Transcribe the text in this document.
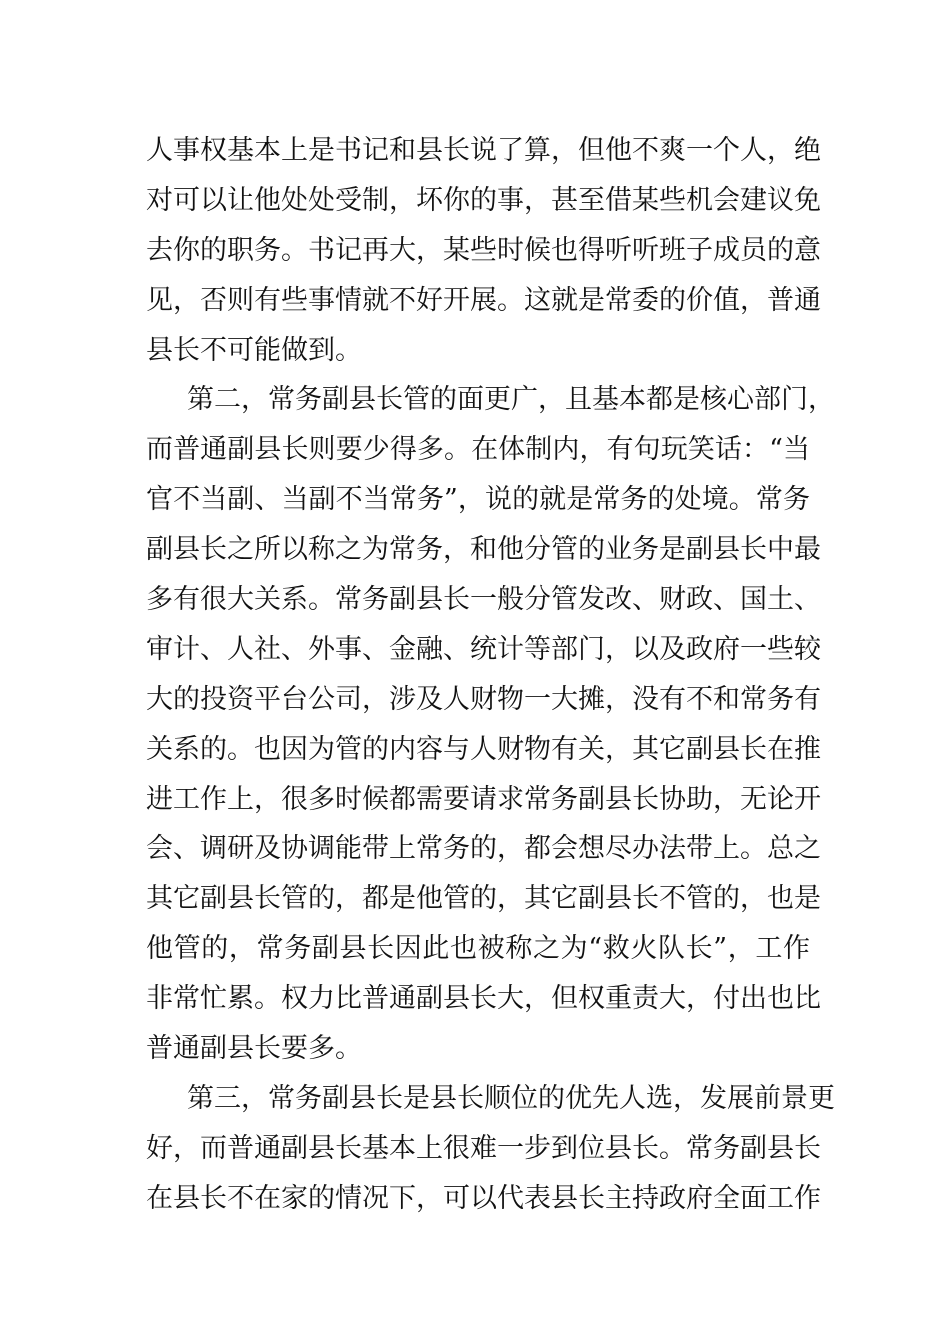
人事权基本上是书记和县长说了算，但他不爽一个人，绝
对可以让他处处受制，坏你的事，甚至借某些机会建议免
去你的职务。书记再大，某些时候也得听听班子成员的意
见，否则有些事情就不好开展。这就是常委的价值，普通
县长不可能做到。
第二，常务副县长管的面更广，且基本都是核心部门，
而普通副县长则要少得多。在体制内，有句玩笑话：“当
官不当副、当副不当常务”，说的就是常务的处境。常务
副县长之所以称之为常务，和他分管的业务是副县长中最
多有很大关系。常务副县长一般分管发改、财政、国土、
审计、人社、外事、金融、统计等部门，以及政府一些较
大的投资平台公司，涉及人财物一大摊，没有不和常务有
关系的。也因为管的内容与人财物有关，其它副县长在推
进工作上，很多时候都需要请求常务副县长协助，无论开
会、调研及协调能带上常务的，都会想尽办法带上。总之
其它副县长管的，都是他管的，其它副县长不管的，也是
他管的，常务副县长因此也被称之为“救火队长”，工作
非常忙累。权力比普通副县长大，但权重责大，付出也比
普通副县长要多。
第三，常务副县长是县长顺位的优先人选，发展前景更
好，而普通副县长基本上很难一步到位县长。常务副县长
在县长不在家的情况下，可以代表县长主持政府全面工作
